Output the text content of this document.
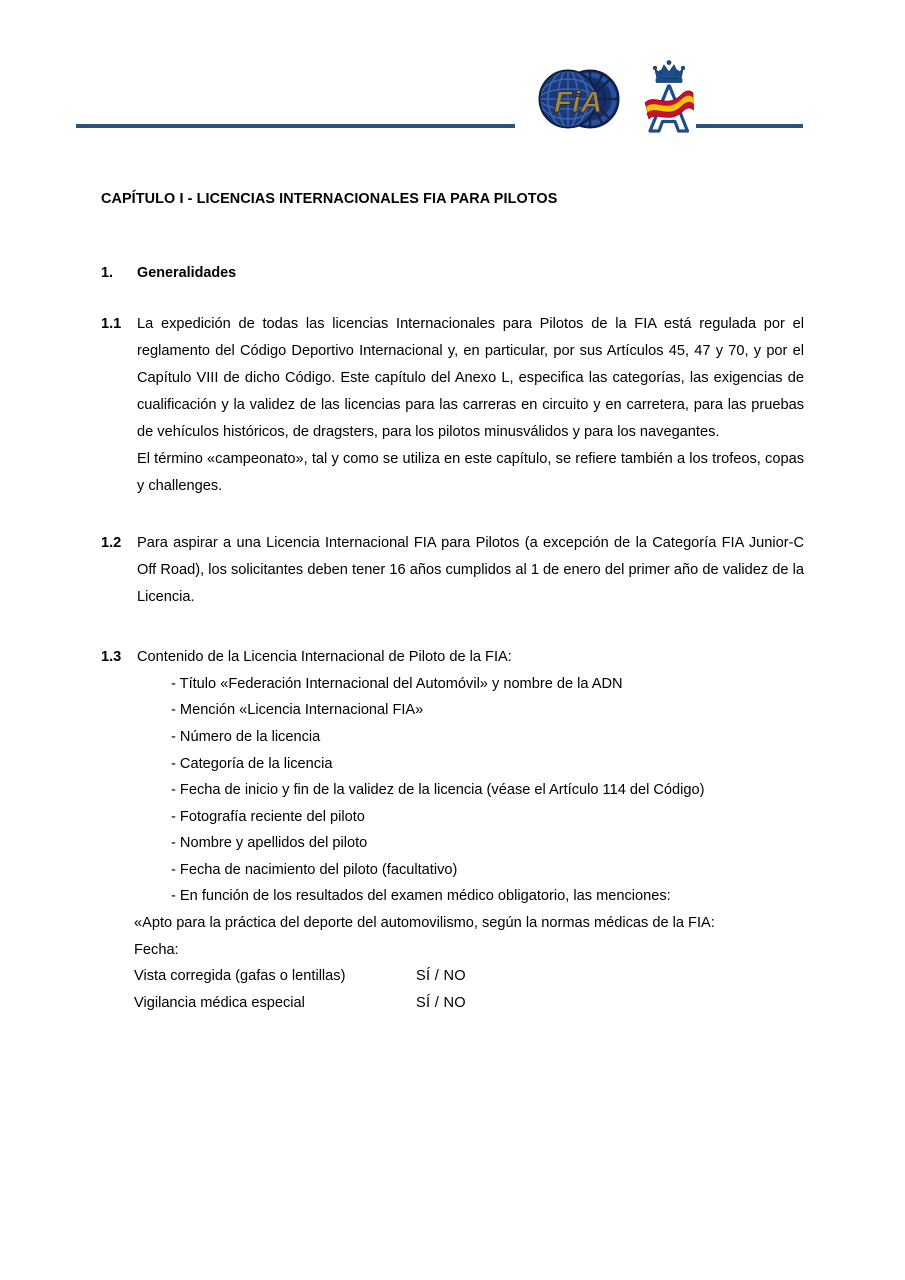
FiA
CAPÍTULO I - LICENCIAS INTERNACIONALES FIA PARA PILOTOS
1.	Generalidades
1.1	La expedición de todas las licencias Internacionales para Pilotos de la FIA está regulada por el reglamento del Código Deportivo Internacional y, en particular, por sus Artículos 45, 47 y 70, y por el Capítulo VIII de dicho Código. Este capítulo del Anexo L, especifica las categorías, las exigencias de cualificación y la validez de las licencias para las carreras en circuito y en carretera, para las pruebas de vehículos históricos, de dragsters, para los pilotos minusválidos y para los navegantes.
El término «campeonato», tal y como se utiliza en este capítulo, se refiere también a los trofeos, copas y challenges.
1.2	Para aspirar a una Licencia Internacional FIA para Pilotos (a excepción de la Categoría FIA Junior-C Off Road), los solicitantes deben tener 16 años cumplidos al 1 de enero del primer año de validez de la Licencia.
1.3	Contenido de la Licencia Internacional de Piloto de la FIA:
- Título «Federación Internacional del Automóvil» y nombre de la ADN
- Mención «Licencia Internacional FIA»
- Número de la licencia
- Categoría de la licencia
- Fecha de inicio y fin de la validez de la licencia (véase el Artículo 114 del Código)
- Fotografía reciente del piloto
- Nombre y apellidos del piloto
- Fecha de nacimiento del piloto (facultativo)
- En función de los resultados del examen médico obligatorio, las menciones:
«Apto para la práctica del deporte del automovilismo, según la normas médicas de la FIA:
Fecha:
Vista corregida (gafas o lentillas)	SÍ / NO
Vigilancia médica especial	SÍ / NO
